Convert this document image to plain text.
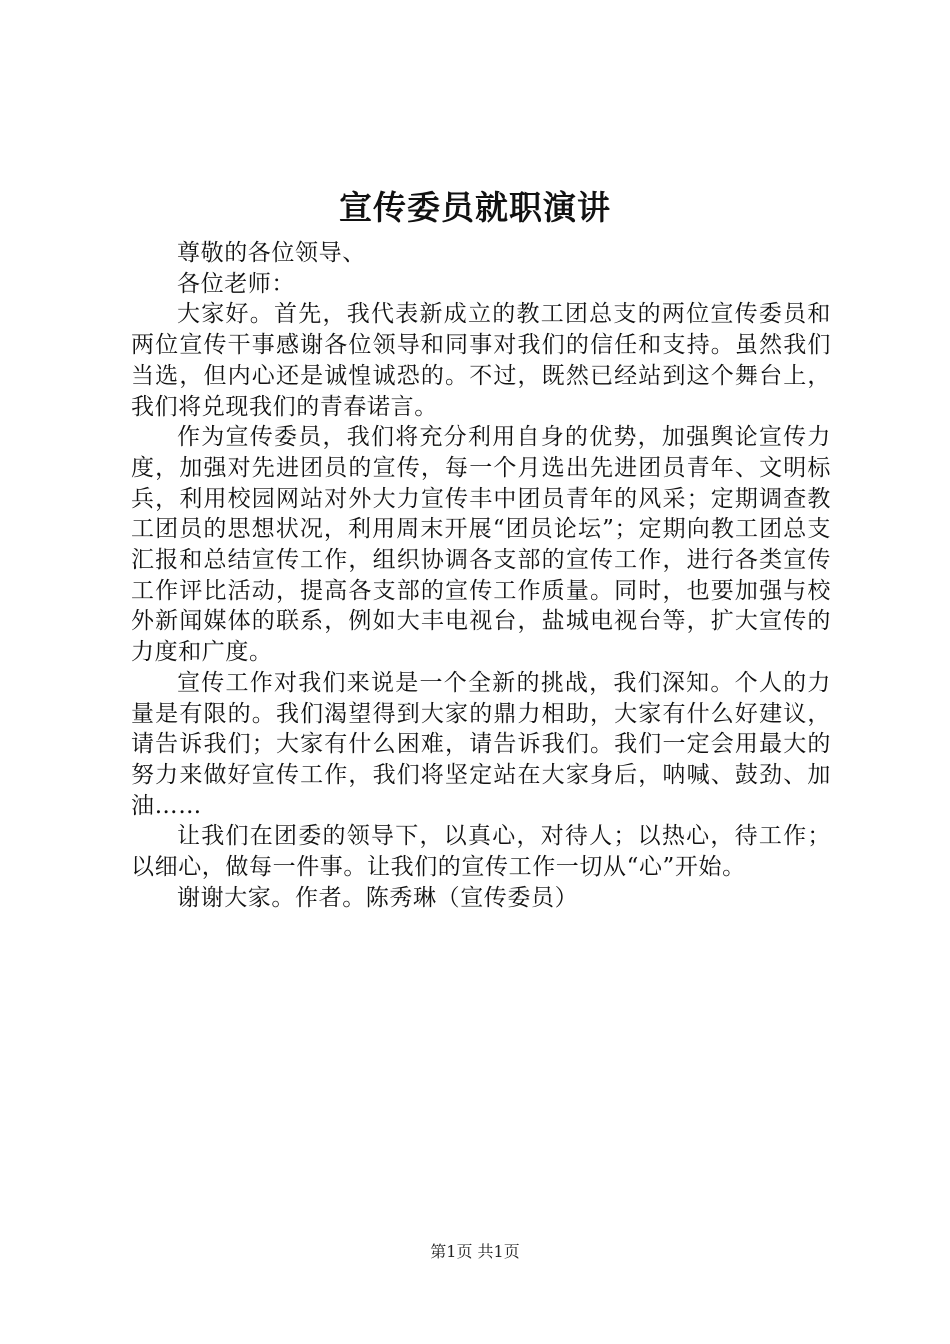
宣传委员就职演讲

尊敬的各位领导、

各位老师：

大家好。首先，我代表新成立的教工团总支的两位宣传委员和两位宣传干事感谢各位领导和同事对我们的信任和支持。虽然我们当选，但内心还是诚惶诚恐的。不过，既然已经站到这个舞台上，我们将兑现我们的青春诺言。

作为宣传委员，我们将充分利用自身的优势，加强舆论宣传力度，加强对先进团员的宣传，每一个月选出先进团员青年、文明标兵，利用校园网站对外大力宣传丰中团员青年的风采；定期调查教工团员的思想状况，利用周末开展“团员论坛”；定期向教工团总支汇报和总结宣传工作，组织协调各支部的宣传工作，进行各类宣传工作评比活动，提高各支部的宣传工作质量。同时，也要加强与校外新闻媒体的联系，例如大丰电视台，盐城电视台等，扩大宣传的力度和广度。

宣传工作对我们来说是一个全新的挑战，我们深知。个人的力量是有限的。我们渴望得到大家的鼎力相助，大家有什么好建议，请告诉我们；大家有什么困难，请告诉我们。我们一定会用最大的努力来做好宣传工作，我们将坚定站在大家身后，呐喊、鼓劲、加油……

让我们在团委的领导下，以真心，对待人；以热心，待工作；以细心，做每一件事。让我们的宣传工作一切从“心”开始。

谢谢大家。作者。陈秀琳（宣传委员）

第1页 共1页
